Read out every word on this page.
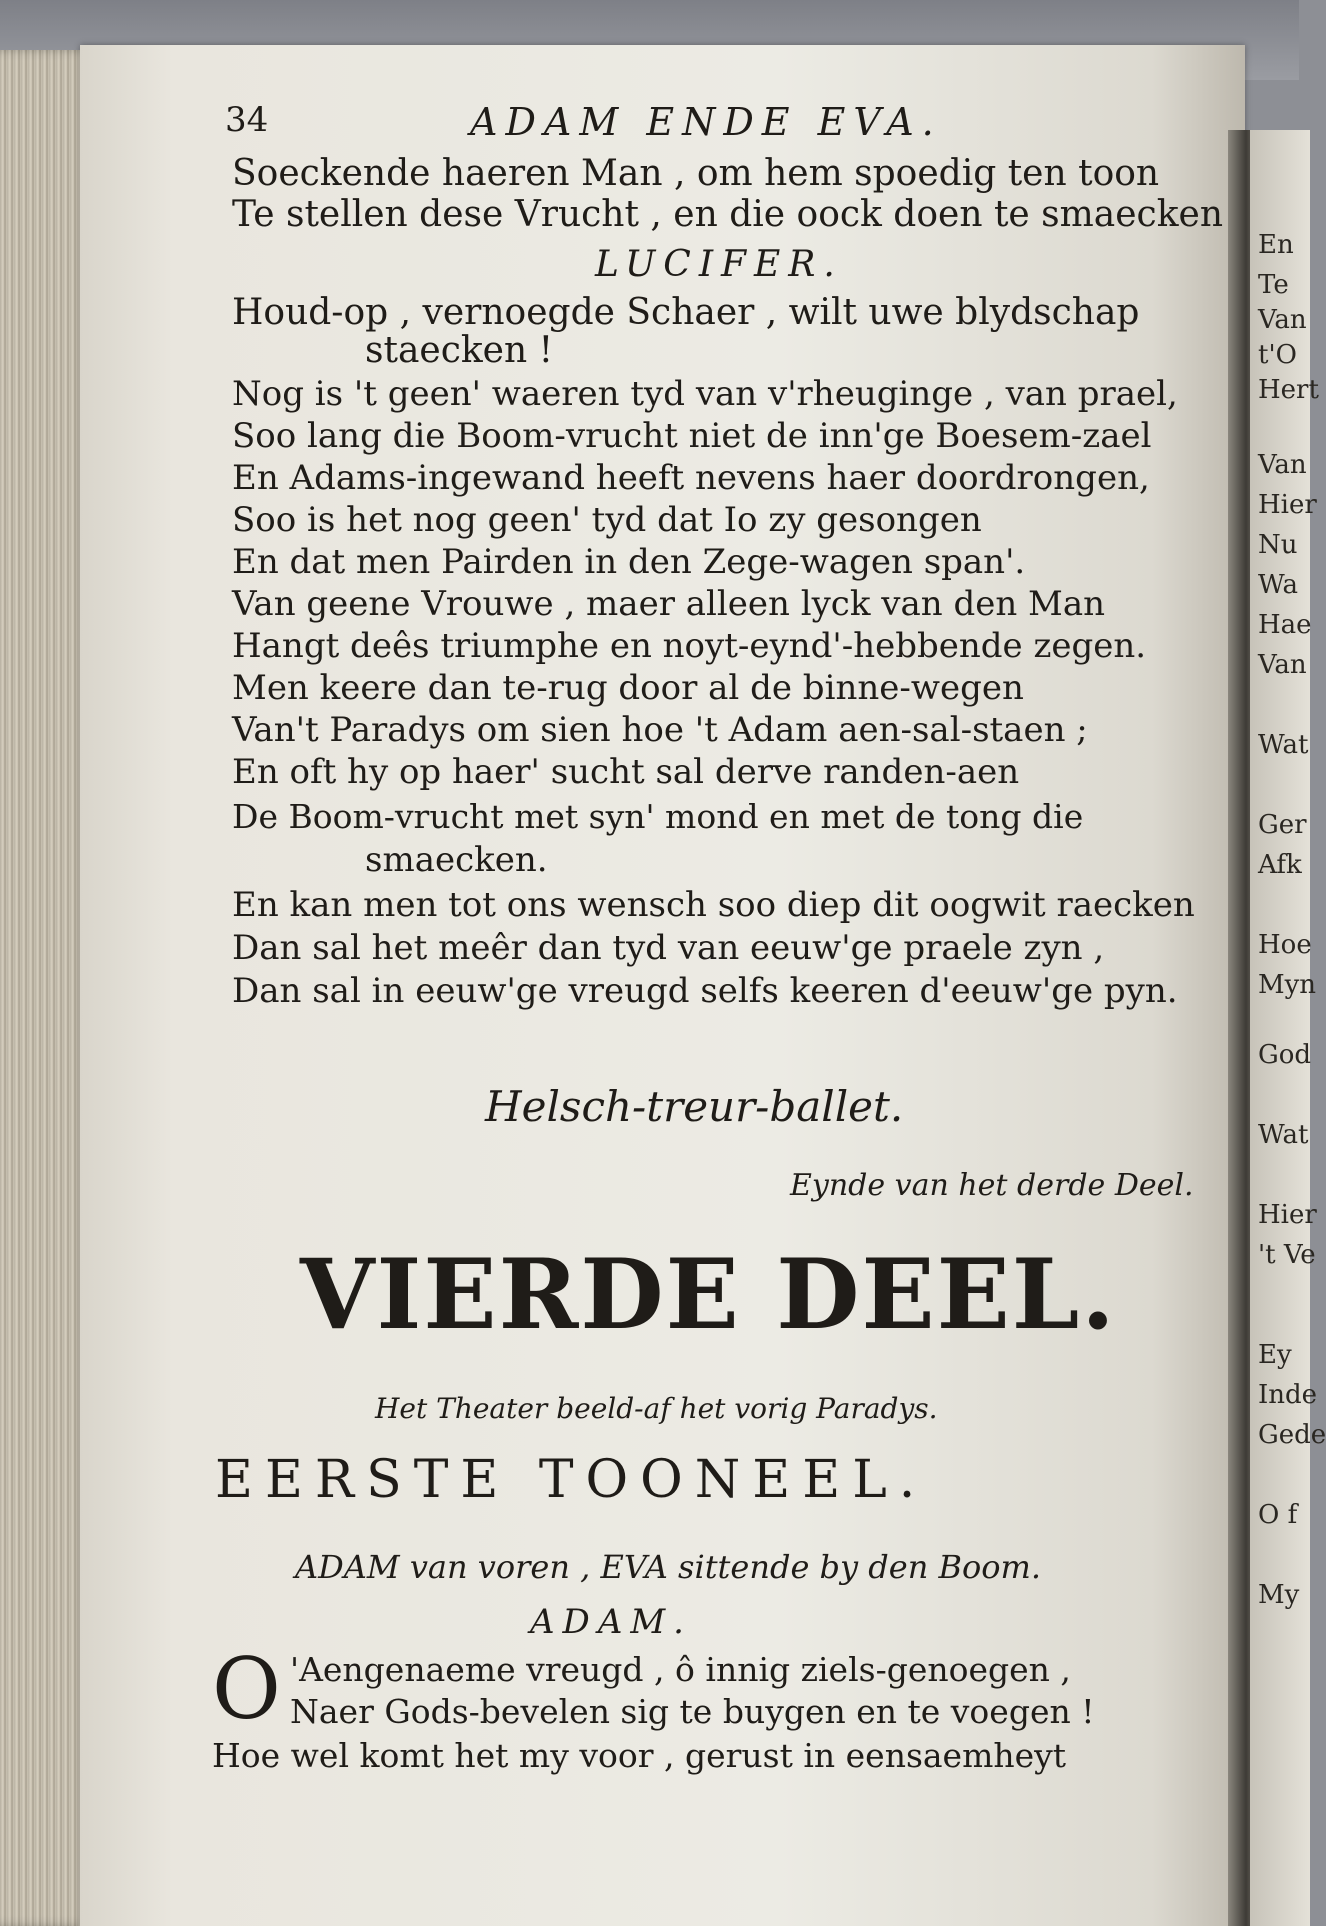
En
Te
Van
t'O
Hert
Van
Hier
Nu
Wa
Hae
Van
Wat
Ger
Afk
Hoe
Myn
God
Wat
Hier
't Ve
Ey
Inde
Gede
O f
My
34	ADAM ENDE EVA.
Soeckende haeren Man , om hem spoedig ten toon
Te stellen dese Vrucht , en die oock doen te smaecken
LUCIFER.
Houd-op , vernoegde Schaer , wilt uwe blydschap
staecken !
Nog is 't geen' waeren tyd van v'rheuginge , van prael,
Soo lang die Boom-vrucht niet de inn'ge Boesem-zael
En Adams-ingewand heeft nevens haer doordrongen,
Soo is het nog geen' tyd dat Io zy gesongen
En dat men Pairden in den Zege-wagen span'.
Van geene Vrouwe , maer alleen lyck van den Man
Hangt deês triumphe en noyt-eynd'-hebbende zegen.
Men keere dan te-rug door al de binne-wegen
Van't Paradys om sien hoe 't Adam aen-sal-staen ;
En oft hy op haer' sucht sal derve randen-aen
De Boom-vrucht met syn' mond en met de tong die
smaecken.
En kan men tot ons wensch soo diep dit oogwit raecken
Dan sal het meêr dan tyd van eeuw'ge praele zyn ,
Dan sal in eeuw'ge vreugd selfs keeren d'eeuw'ge pyn.
Helsch-treur-ballet.
Eynde van het derde Deel.
VIERDE DEEL.
Het Theater beeld-af het vorig Paradys.
EERSTE TOONEEL.
ADAM van voren , EVA sittende by den Boom.
ADAM.
O 'Aengenaeme vreugd , ô innig ziels-genoegen ,
Naer Gods-bevelen sig te buygen en te voegen !
Hoe wel komt het my voor , gerust in eensaemheyt
